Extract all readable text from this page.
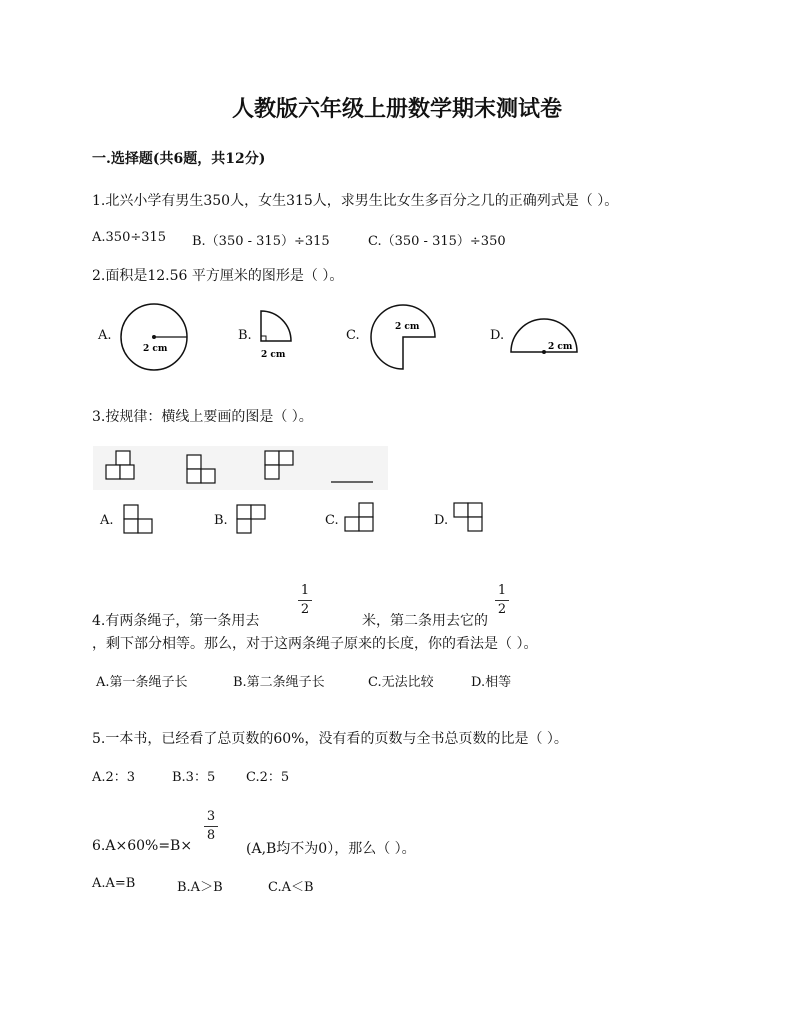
人教版六年级上册数学期末测试卷
一.选择题(共6题，共12分)
1.北兴小学有男生350人，女生315人，求男生比女生多百分之几的正确列式是（ ）。
A.350÷315 B.（350 - 315）÷315	C.（350 - 315）÷350
2.面积是12.56 平方厘米的图形是（ ）。
A.
2 cm
B.
2 cm
C.
2 cm
D.
2 cm
3.按规律：横线上要画的图是（ ）。
A.	B.	C.	D.
4.有两条绳子，第一条用去
1
2
米，第二条用去它的
1
2
，剩下部分相等。那么，对于这两条绳子原来的长度，你的看法是（ ）。
A.第一条绳子长	B.第二条绳子长	C.无法比较	D.相等
5.一本书，已经看了总页数的60%，没有看的页数与全书总页数的比是（ ）。
A.2：3	B.3：5 C.2：5
6.A×60%=B×
3
8
(A,B均不为0），那么（ ）。
A.A=B	B.A＞B	C.A＜B
